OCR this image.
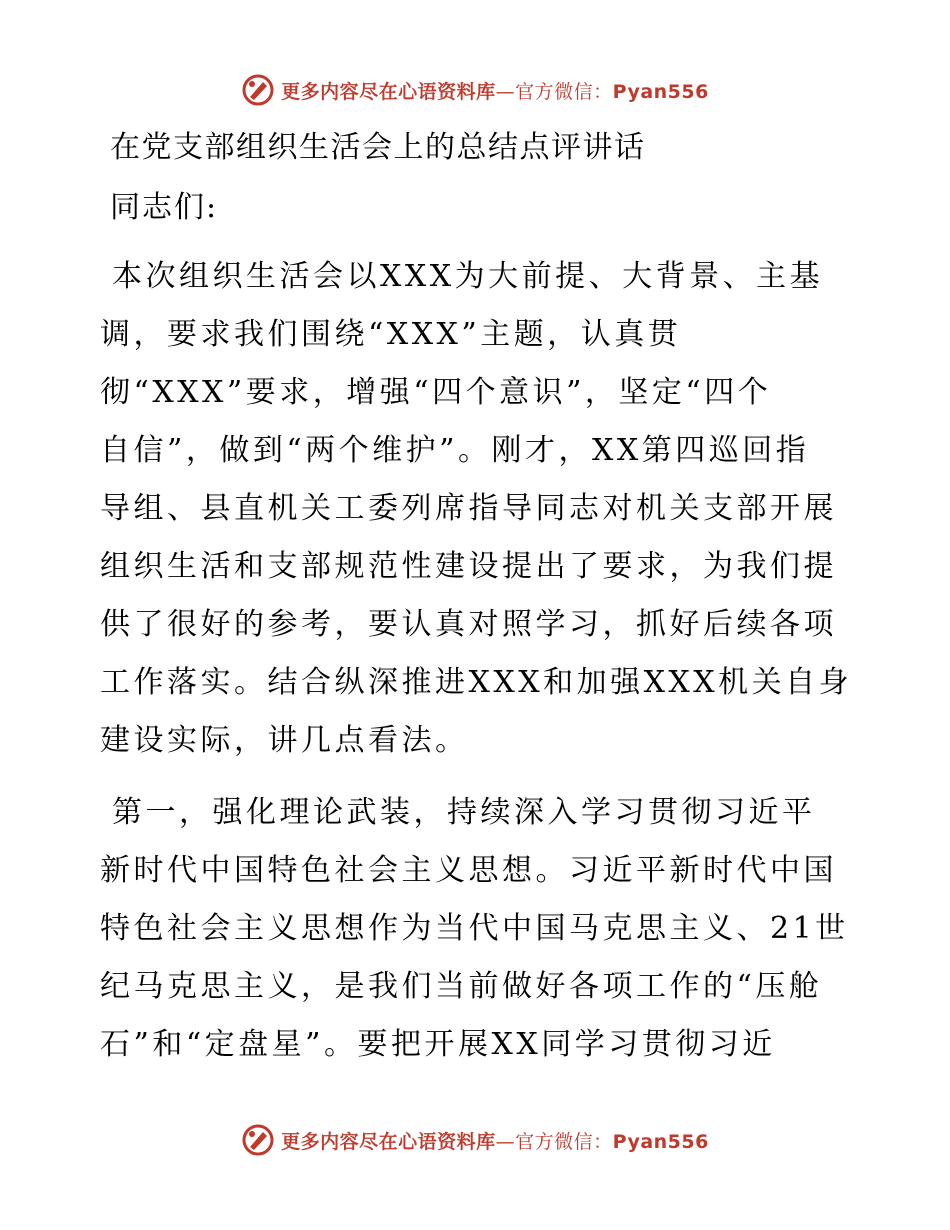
更多内容尽在心语资料库—官方微信：Pyan556
在党支部组织生活会上的总结点评讲话
同志们:
本次组织生活会以XXX为大前提、大背景、主基
调，要求我们围绕“XXX”主题，认真贯
彻“XXX”要求，增强“四个意识”，坚定“四个
自信”，做到“两个维护”。刚才，XX第四巡回指
导组、县直机关工委列席指导同志对机关支部开展
组织生活和支部规范性建设提出了要求，为我们提
供了很好的参考，要认真对照学习，抓好后续各项
工作落实。结合纵深推进XXX和加强XXX机关自身
建设实际，讲几点看法。
第一，强化理论武装，持续深入学习贯彻习近平
新时代中国特色社会主义思想。习近平新时代中国
特色社会主义思想作为当代中国马克思主义、21世
纪马克思主义，是我们当前做好各项工作的“压舱
石”和“定盘星”。要把开展XX同学习贯彻习近
更多内容尽在心语资料库—官方微信：Pyan556
